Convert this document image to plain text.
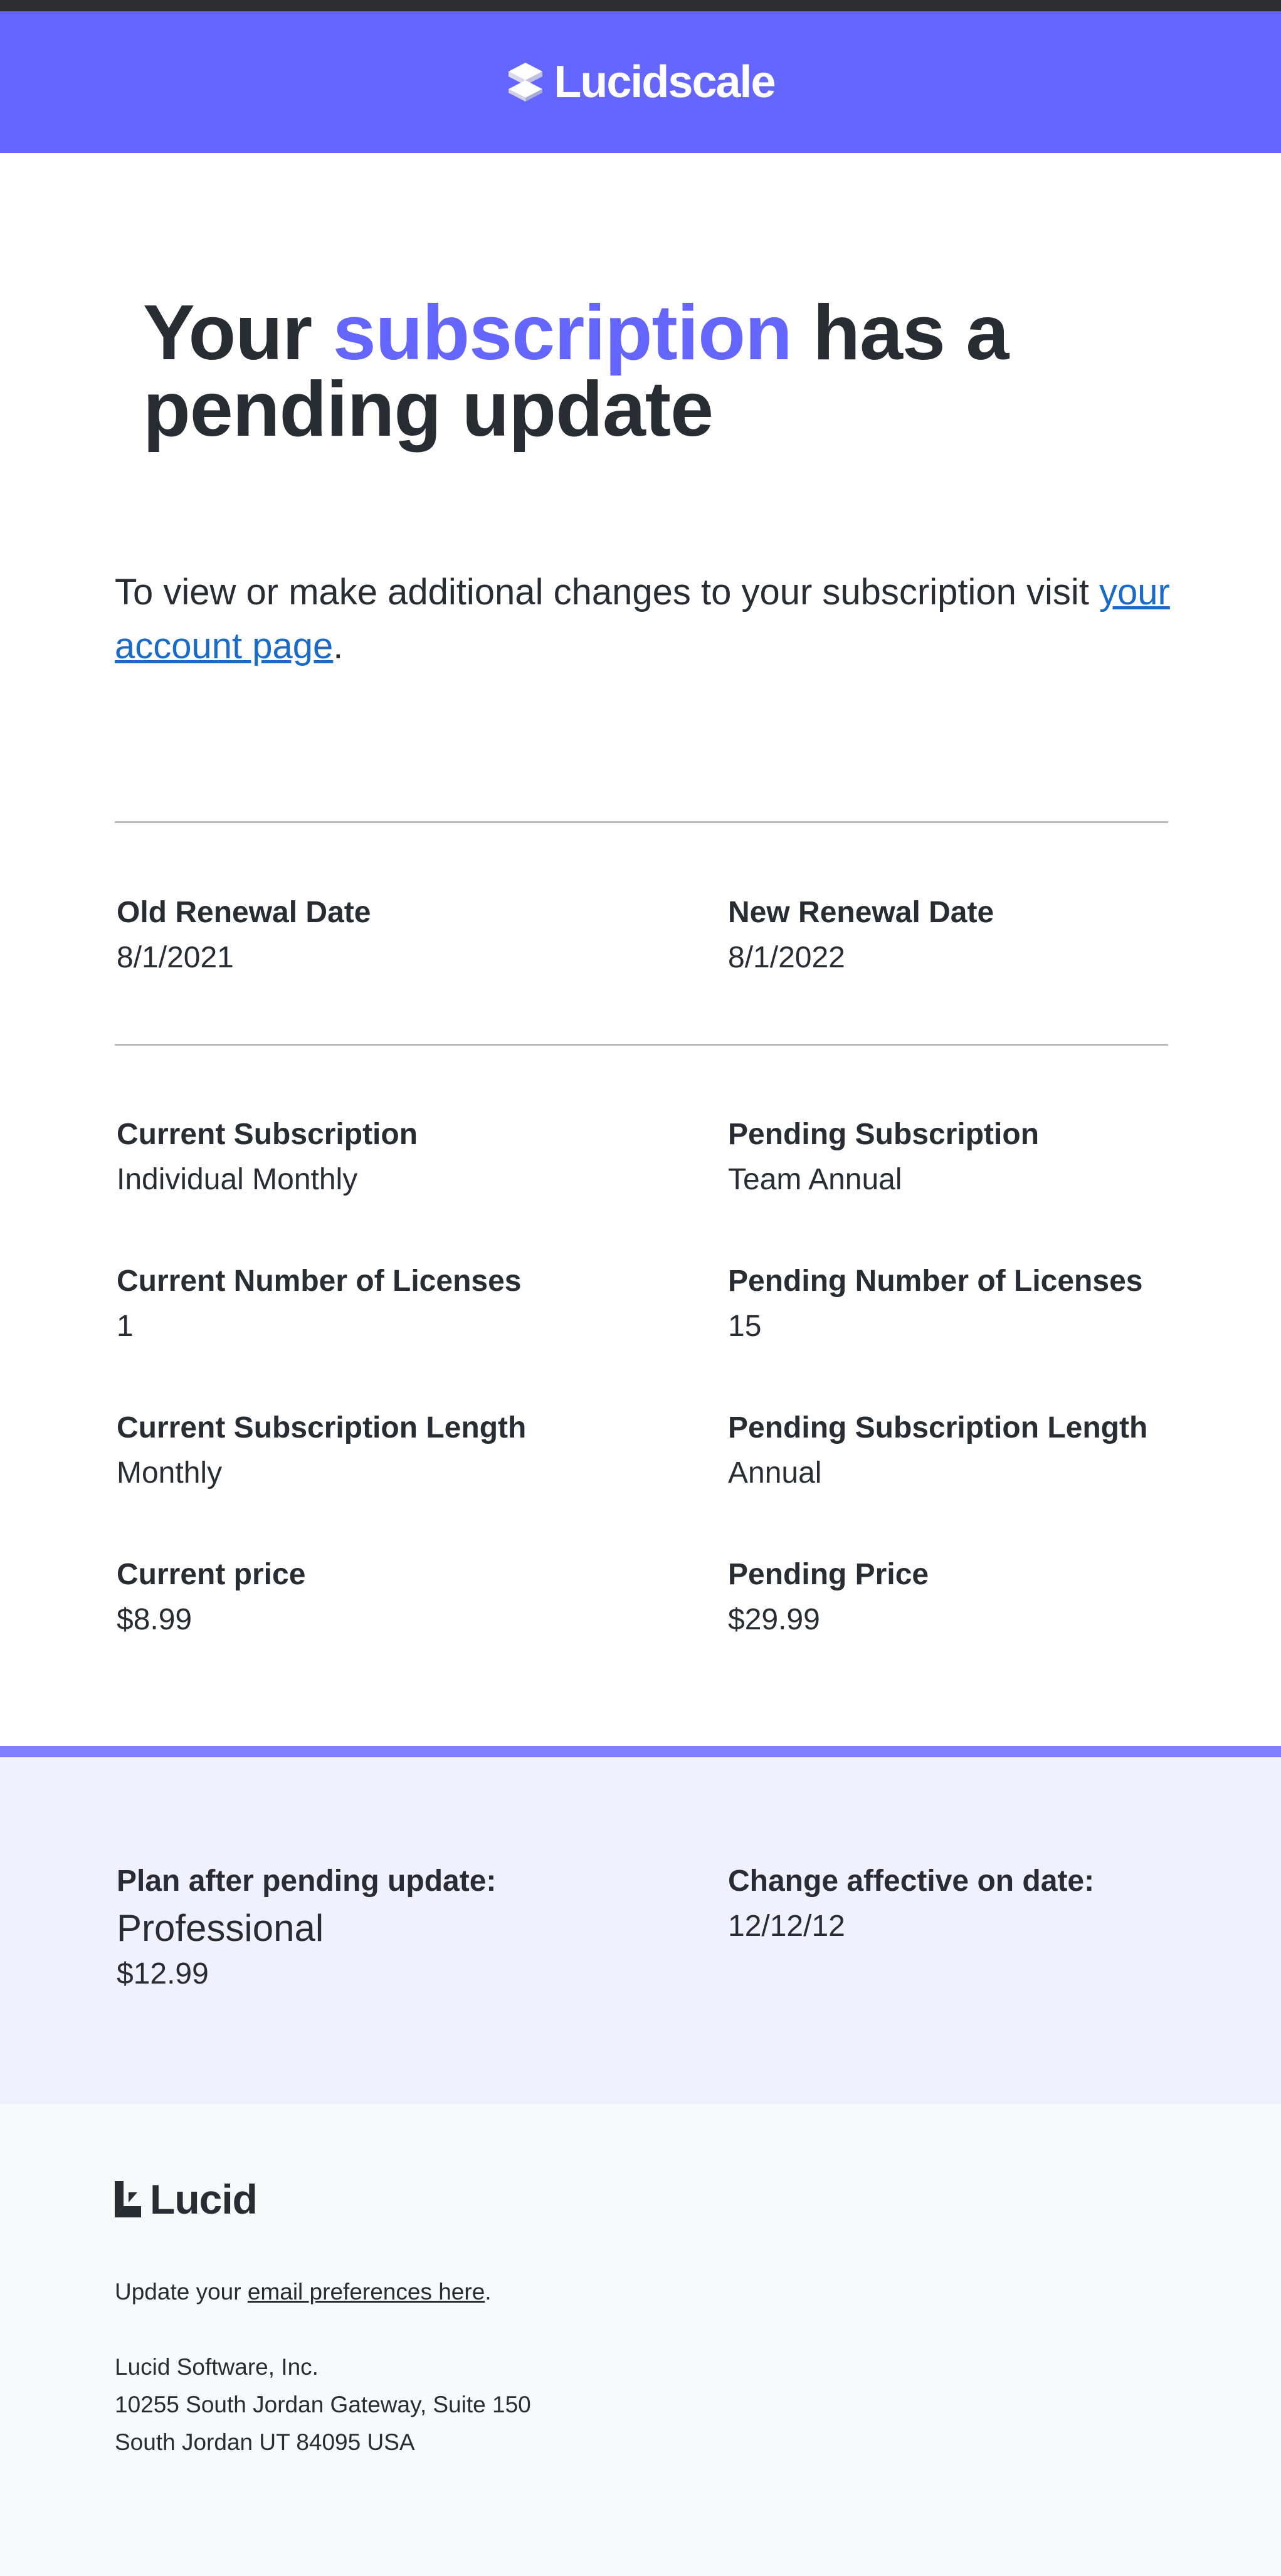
Lucidscale
Your subscription has a pending update

To view or make additional changes to your subscription visit your account page.

Old Renewal Date
8/1/2021
New Renewal Date
8/1/2022
Current Subscription
Individual Monthly
Pending Subscription
Team Annual
Current Number of Licenses
1
Pending Number of Licenses
15
Current Subscription Length
Monthly
Pending Subscription Length
Annual
Current price
$8.99
Pending Price
$29.99
Plan after pending update:
Professional
$12.99
Change affective on date:
12/12/12
Lucid

Update your email preferences here.

Lucid Software, Inc.
10255 South Jordan Gateway, Suite 150
South Jordan UT 84095 USA
